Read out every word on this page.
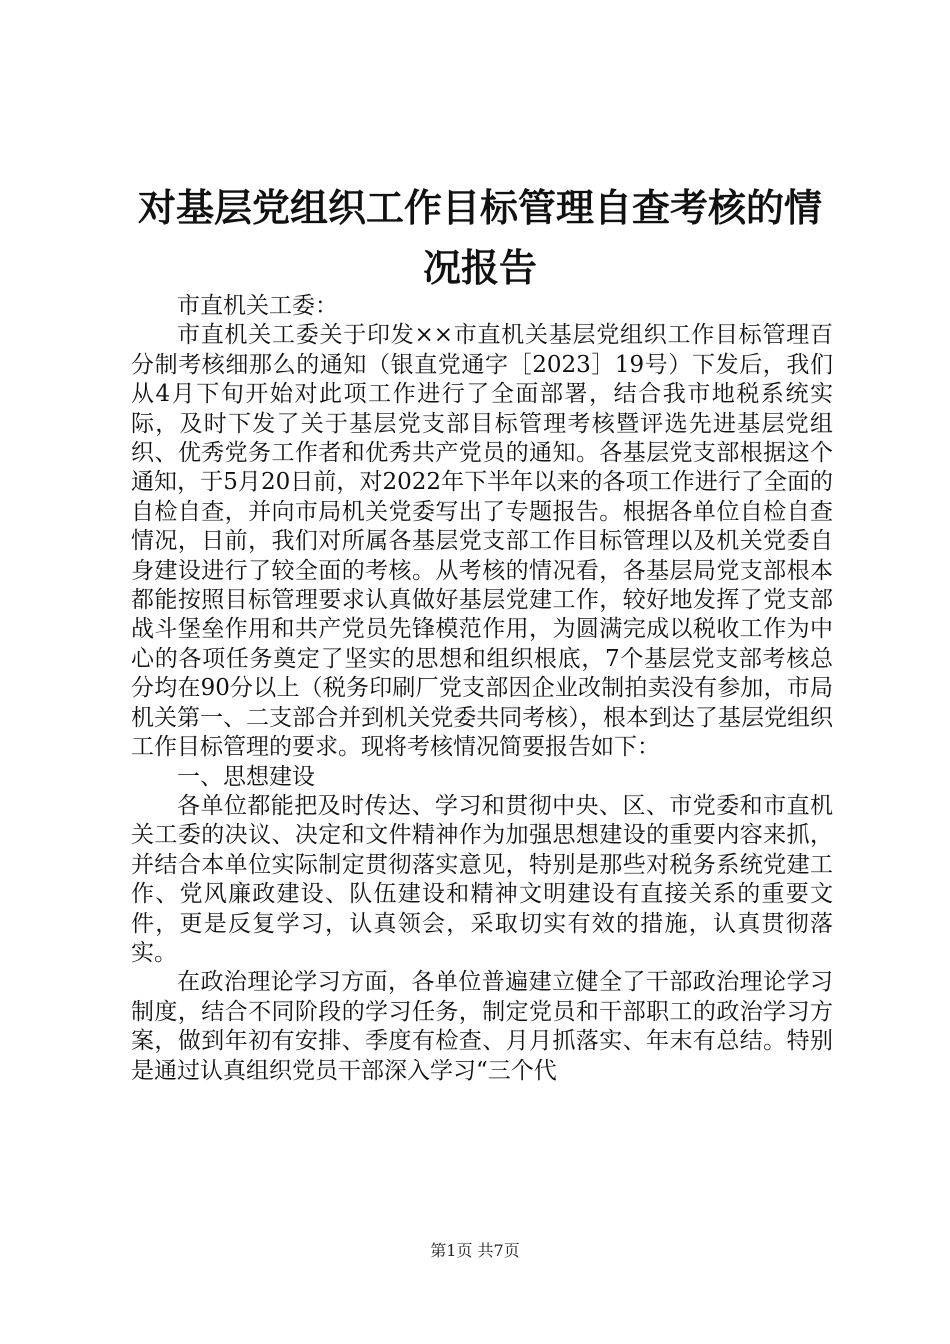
对基层党组织工作目标管理自查考核的情况报告

市直机关工委：

市直机关工委关于印发××市直机关基层党组织工作目标管理百分制考核细那么的通知（银直党通字［2023］19号）下发后，我们从4月下旬开始对此项工作进行了全面部署，结合我市地税系统实际，及时下发了关于基层党支部目标管理考核暨评选先进基层党组织、优秀党务工作者和优秀共产党员的通知。各基层党支部根据这个通知，于5月20日前，对2022年下半年以来的各项工作进行了全面的自检自查，并向市局机关党委写出了专题报告。根据各单位自检自查情况，日前，我们对所属各基层党支部工作目标管理以及机关党委自身建设进行了较全面的考核。从考核的情况看，各基层局党支部根本都能按照目标管理要求认真做好基层党建工作，较好地发挥了党支部战斗堡垒作用和共产党员先锋模范作用，为圆满完成以税收工作为中心的各项任务奠定了坚实的思想和组织根底，7个基层党支部考核总分均在90分以上（税务印刷厂党支部因企业改制拍卖没有参加，市局机关第一、二支部合并到机关党委共同考核），根本到达了基层党组织工作目标管理的要求。现将考核情况简要报告如下：

一、思想建设

各单位都能把及时传达、学习和贯彻中央、区、市党委和市直机关工委的决议、决定和文件精神作为加强思想建设的重要内容来抓，并结合本单位实际制定贯彻落实意见，特别是那些对税务系统党建工作、党风廉政建设、队伍建设和精神文明建设有直接关系的重要文件，更是反复学习，认真领会，采取切实有效的措施，认真贯彻落实。

在政治理论学习方面，各单位普遍建立健全了干部政治理论学习制度，结合不同阶段的学习任务，制定党员和干部职工的政治学习方案，做到年初有安排、季度有检查、月月抓落实、年末有总结。特别是通过认真组织党员干部深入学习“三个代

第1页 共7页
